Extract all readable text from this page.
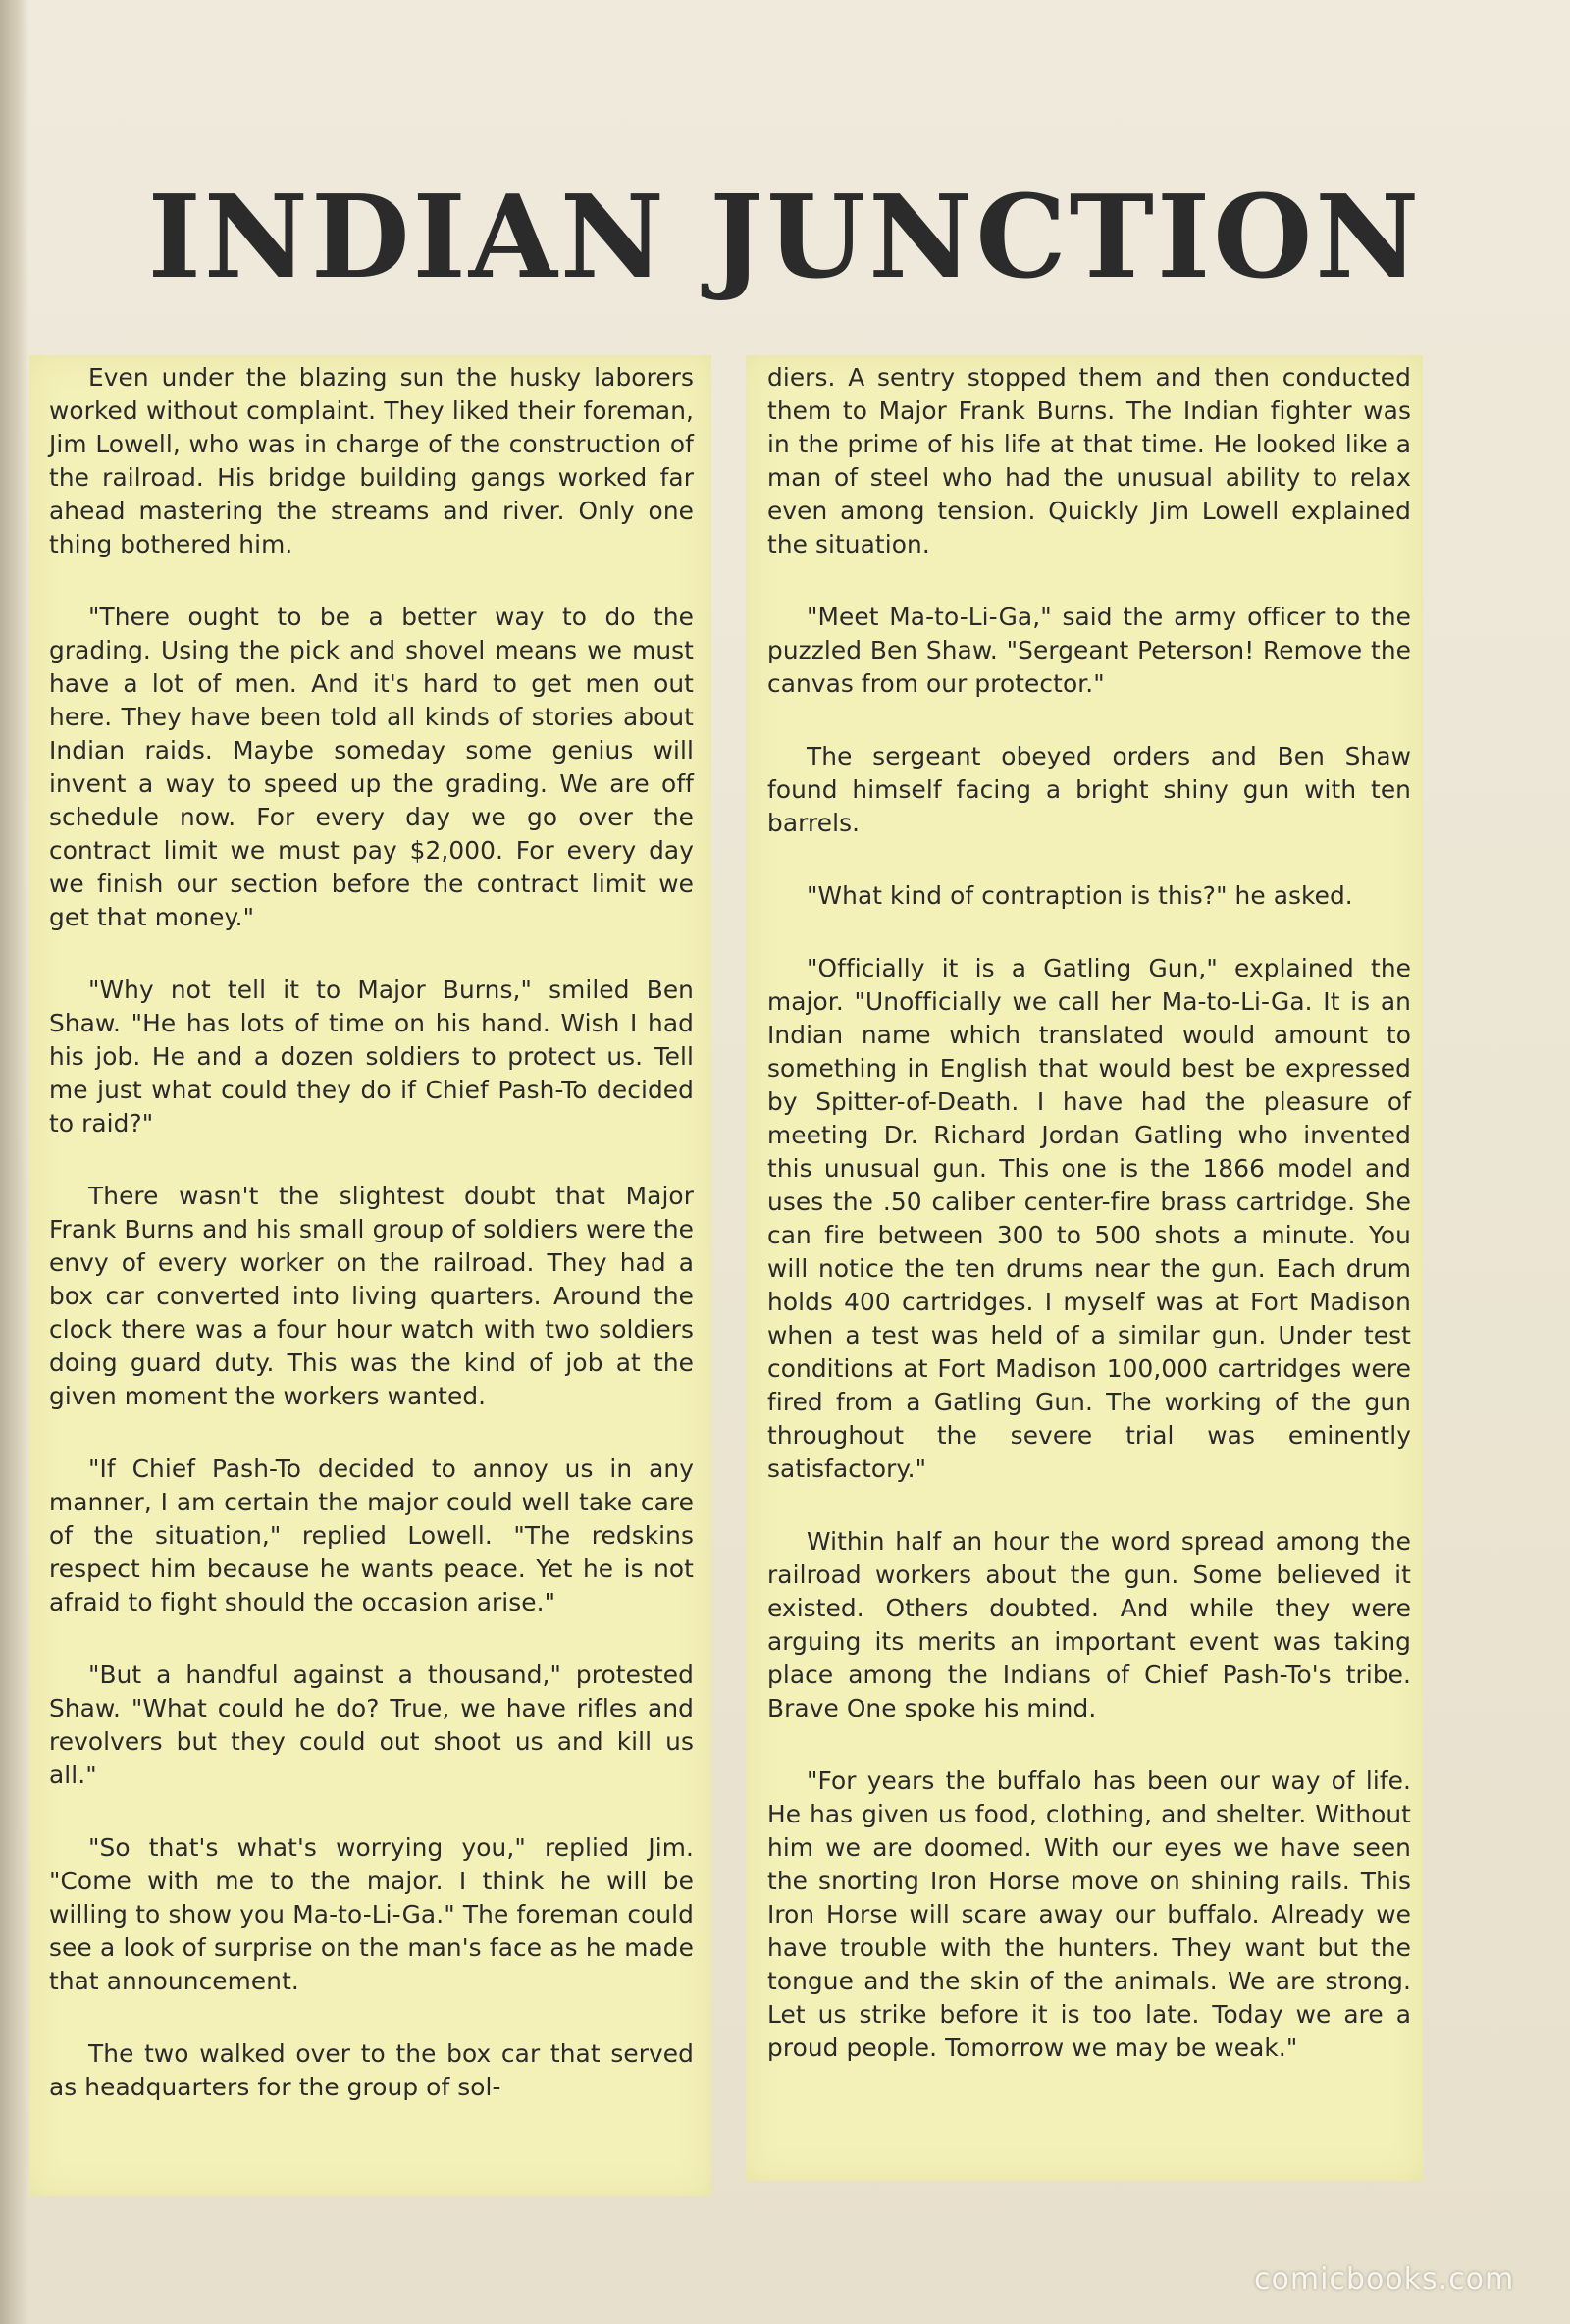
INDIAN JUNCTION

Even under the blazing sun the husky laborers worked without complaint. They liked their foreman, Jim Lowell, who was in charge of the construction of the railroad. His bridge building gangs worked far ahead mastering the streams and river. Only one thing bothered him.

"There ought to be a better way to do the grading. Using the pick and shovel means we must have a lot of men. And it's hard to get men out here. They have been told all kinds of stories about Indian raids. Maybe someday some genius will invent a way to speed up the grading. We are off schedule now. For every day we go over the contract limit we must pay $2,000. For every day we finish our section before the contract limit we get that money."

"Why not tell it to Major Burns," smiled Ben Shaw. "He has lots of time on his hand. Wish I had his job. He and a dozen soldiers to protect us. Tell me just what could they do if Chief Pash-To decided to raid?"

There wasn't the slightest doubt that Major Frank Burns and his small group of soldiers were the envy of every worker on the railroad. They had a box car converted into living quarters. Around the clock there was a four hour watch with two soldiers doing guard duty. This was the kind of job at the given moment the workers wanted.

"If Chief Pash-To decided to annoy us in any manner, I am certain the major could well take care of the situation," replied Lowell. "The redskins respect him because he wants peace. Yet he is not afraid to fight should the occasion arise."

"But a handful against a thousand," protested Shaw. "What could he do? True, we have rifles and revolvers but they could out shoot us and kill us all."

"So that's what's worrying you," replied Jim. "Come with me to the major. I think he will be willing to show you Ma-to-Li-Ga." The foreman could see a look of surprise on the man's face as he made that announcement.

The two walked over to the box car that served as headquarters for the group of sol-

diers. A sentry stopped them and then conducted them to Major Frank Burns. The Indian fighter was in the prime of his life at that time. He looked like a man of steel who had the unusual ability to relax even among tension. Quickly Jim Lowell explained the situation.

"Meet Ma-to-Li-Ga," said the army officer to the puzzled Ben Shaw. "Sergeant Peterson! Remove the canvas from our protector."

The sergeant obeyed orders and Ben Shaw found himself facing a bright shiny gun with ten barrels.

"What kind of contraption is this?" he asked.

"Officially it is a Gatling Gun," explained the major. "Unofficially we call her Ma-to-Li-Ga. It is an Indian name which translated would amount to something in English that would best be expressed by Spitter-of-Death. I have had the pleasure of meeting Dr. Richard Jordan Gatling who invented this unusual gun. This one is the 1866 model and uses the .50 caliber center-fire brass cartridge. She can fire between 300 to 500 shots a minute. You will notice the ten drums near the gun. Each drum holds 400 cartridges. I myself was at Fort Madison when a test was held of a similar gun. Under test conditions at Fort Madison 100,000 cartridges were fired from a Gatling Gun. The working of the gun throughout the severe trial was eminently satisfactory."

Within half an hour the word spread among the railroad workers about the gun. Some believed it existed. Others doubted. And while they were arguing its merits an important event was taking place among the Indians of Chief Pash-To's tribe. Brave One spoke his mind.

"For years the buffalo has been our way of life. He has given us food, clothing, and shelter. Without him we are doomed. With our eyes we have seen the snorting Iron Horse move on shining rails. This Iron Horse will scare away our buffalo. Already we have trouble with the hunters. They want but the tongue and the skin of the animals. We are strong. Let us strike before it is too late. Today we are a proud people. Tomorrow we may be weak."

comicbooks.com
